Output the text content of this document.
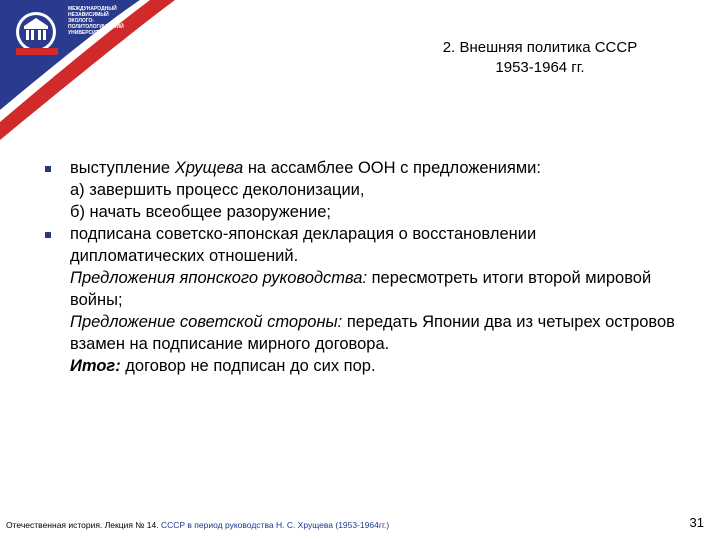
МЕЖДУНАРОДНЫЙ НЕЗАВИСИМЫЙ ЭКОЛОГО-ПОЛИТОЛОГИЧЕСКИЙ УНИВЕРСИТЕТ
2. Внешняя политика СССР
1953-1964 гг.
выступление Хрущева на ассамблее ООН с предложениями:
а) завершить процесс деколонизации,
б) начать всеобщее разоружение;
подписана советско-японская декларация о восстановлении дипломатических отношений.
Предложения японского руководства: пересмотреть итоги второй мировой войны;
Предложение советской стороны: передать Японии два из четырех островов взамен на подписание мирного договора.
Итог: договор не подписан до сих пор.
Отечественная история. Лекция № 14. СССР в период руководства Н. С. Хрущева (1953-1964гг.)	31
